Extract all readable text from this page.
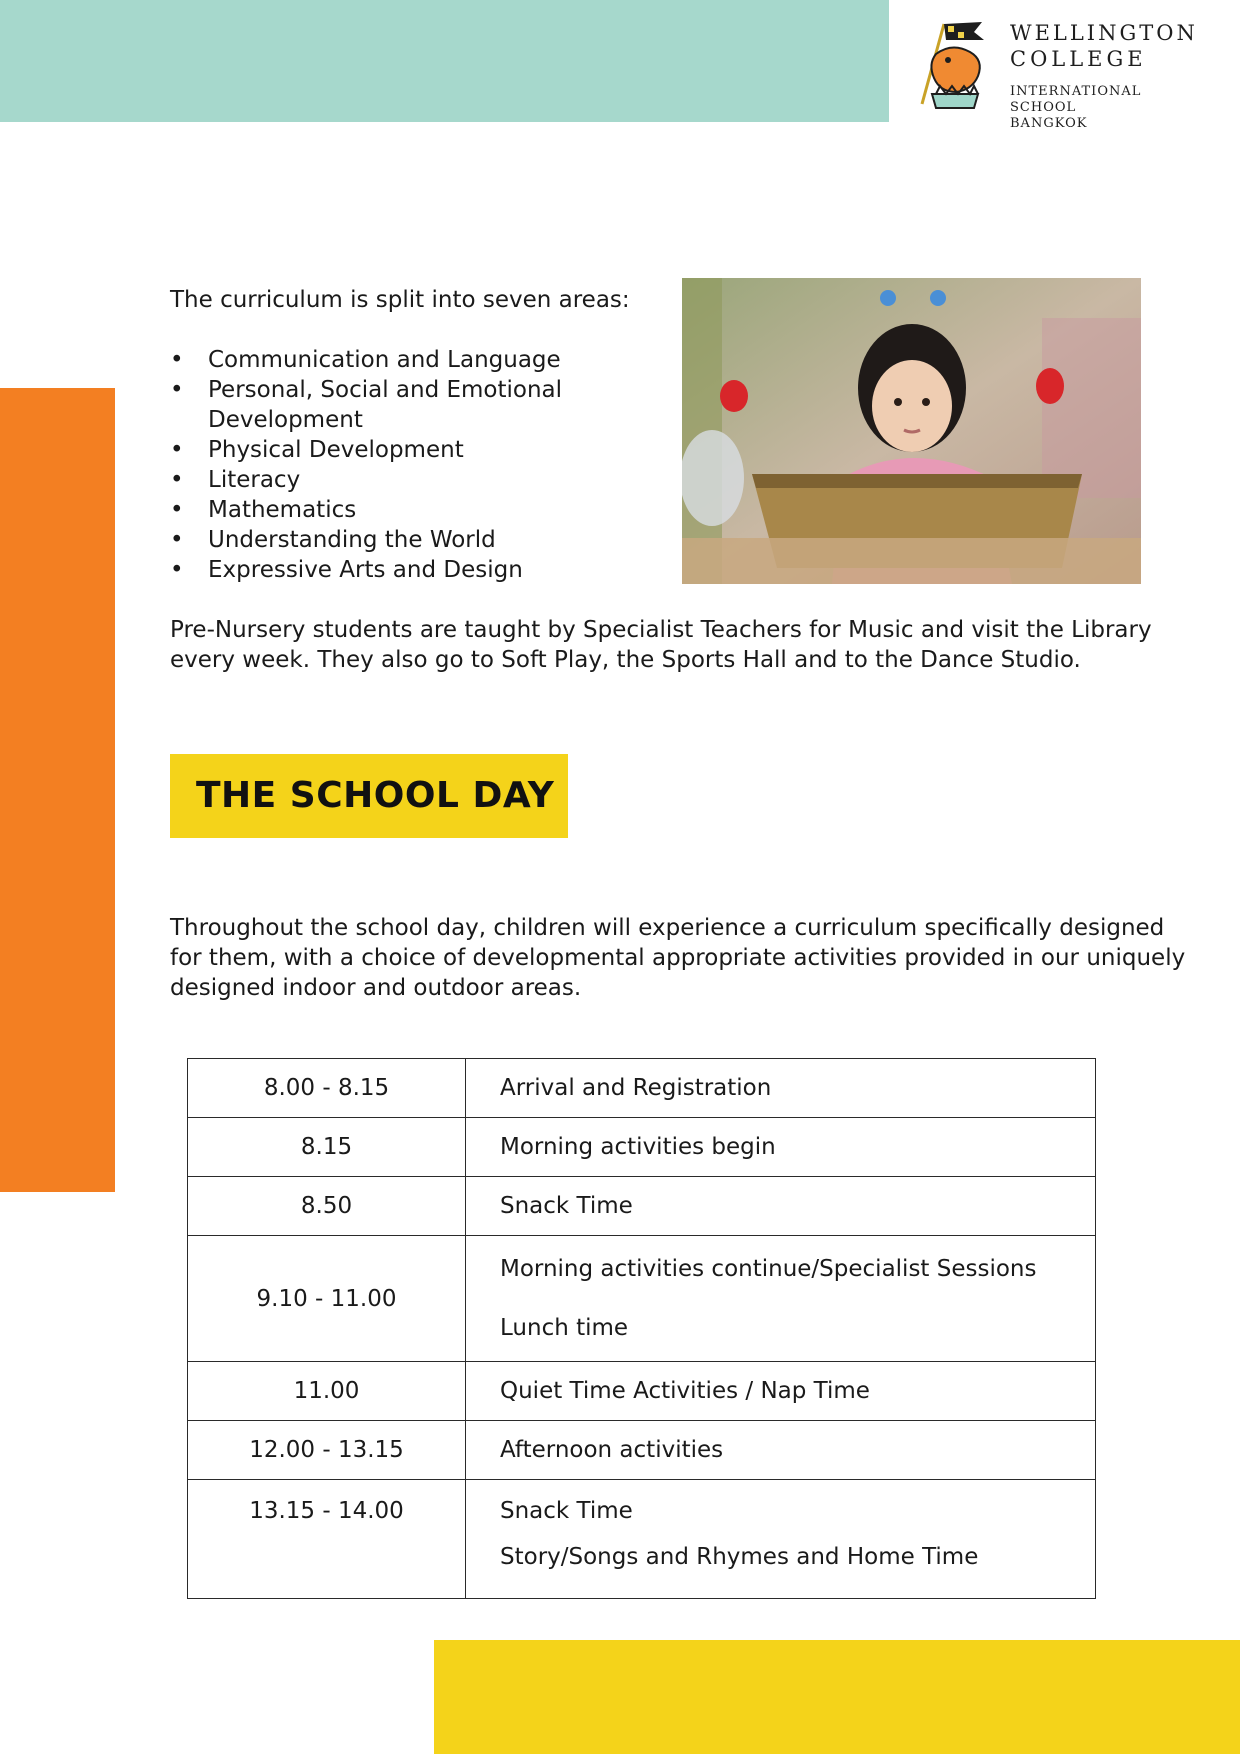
WELLINGTON
COLLEGE
INTERNATIONAL SCHOOL
BANGKOK

The curriculum is split into seven areas:

• Communication and Language
• Personal, Social and Emotional Development
• Physical Development
• Literacy
• Mathematics
• Understanding the World
• Expressive Arts and Design

Pre-Nursery students are taught by Specialist Teachers for Music and visit the Library every week. They also go to Soft Play, the Sports Hall and to the Dance Studio.

THE SCHOOL DAY

Throughout the school day, children will experience a curriculum specifically designed for them, with a choice of developmental appropriate activities provided in our uniquely designed indoor and outdoor areas.

8.00 - 8.15	Arrival and Registration
8.15	Morning activities begin
8.50	Snack Time
9.10 - 11.00	Morning activities continue/Specialist Sessions
Lunch time

11.00	Quiet Time Activities / Nap Time
12.00 - 13.15	Afternoon activities

13.15 - 14.00	Snack Time
Story/Songs and Rhymes and Home Time
